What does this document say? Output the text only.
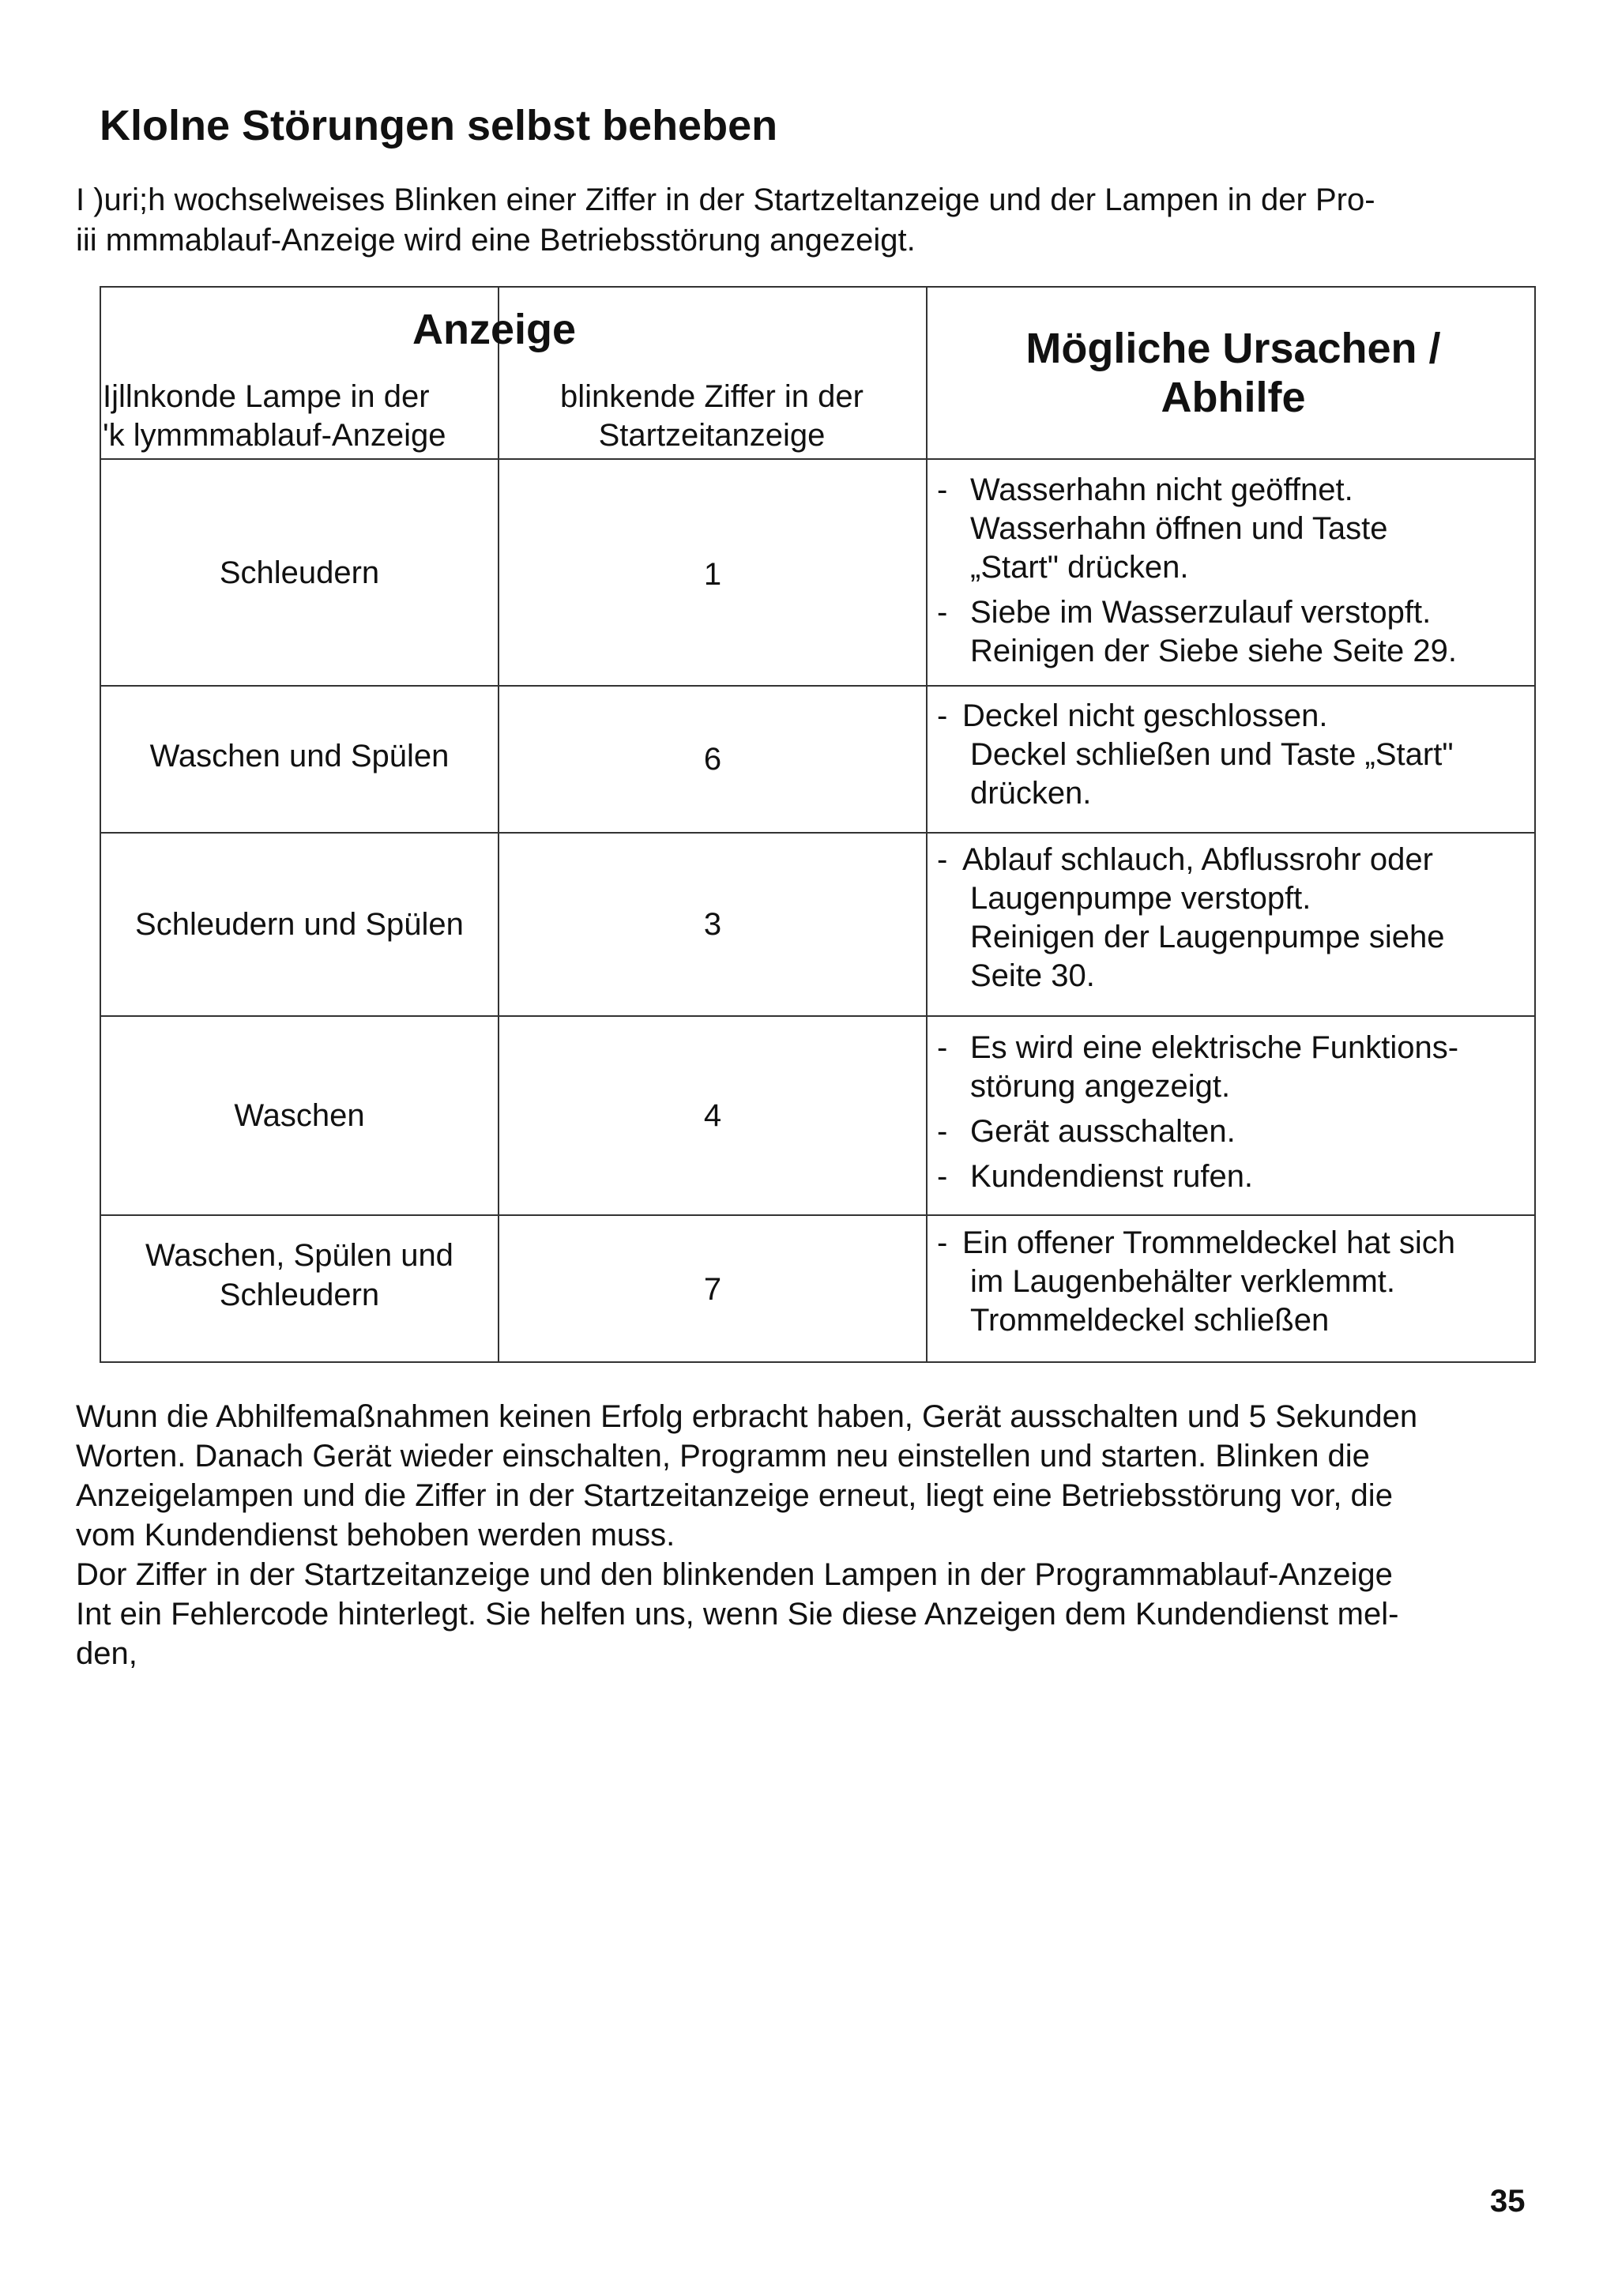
Klolne Störungen selbst beheben

I )uri;h wochselweises Blinken einer Ziffer in der Startzeltanzeige und der Lampen in der Pro-
iii mmmablauf-Anzeige wird eine Betriebsstörung angezeigt.

Anzeige
Ijllnkonde Lampe in der
'k lymmmablauf-Anzeige
blinkende Ziffer in der
Startzeitanzeige
Mögliche Ursachen /
Abhilfe
Schleudern	1
- Wasserhahn nicht geöffnet.
Wasserhahn öffnen und Taste
„Start" drücken.
- Siebe im Wasserzulauf verstopft.
Reinigen der Siebe siehe Seite 29.
Waschen und Spülen	6
- Deckel nicht geschlossen.
Deckel schließen und Taste „Start"
drücken.
Schleudern und Spülen	3
- Ablauf schlauch, Abflussrohr oder
Laugenpumpe verstopft.
Reinigen der Laugenpumpe siehe
Seite 30.
Waschen	4
- Es wird eine elektrische Funktions-
störung angezeigt.
- Gerät ausschalten.
- Kundendienst rufen.
Waschen, Spülen und
Schleudern	7
- Ein offener Trommeldeckel hat sich
im Laugenbehälter verklemmt.
Trommeldeckel schließen

Wunn die Abhilfemaßnahmen keinen Erfolg erbracht haben, Gerät ausschalten und 5 Sekunden
Worten. Danach Gerät wieder einschalten, Programm neu einstellen und starten. Blinken die
Anzeigelampen und die Ziffer in der Startzeitanzeige erneut, liegt eine Betriebsstörung vor, die
vom Kundendienst behoben werden muss.
Dor Ziffer in der Startzeitanzeige und den blinkenden Lampen in der Programmablauf-Anzeige
Int ein Fehlercode hinterlegt. Sie helfen uns, wenn Sie diese Anzeigen dem Kundendienst mel-
den,

35
